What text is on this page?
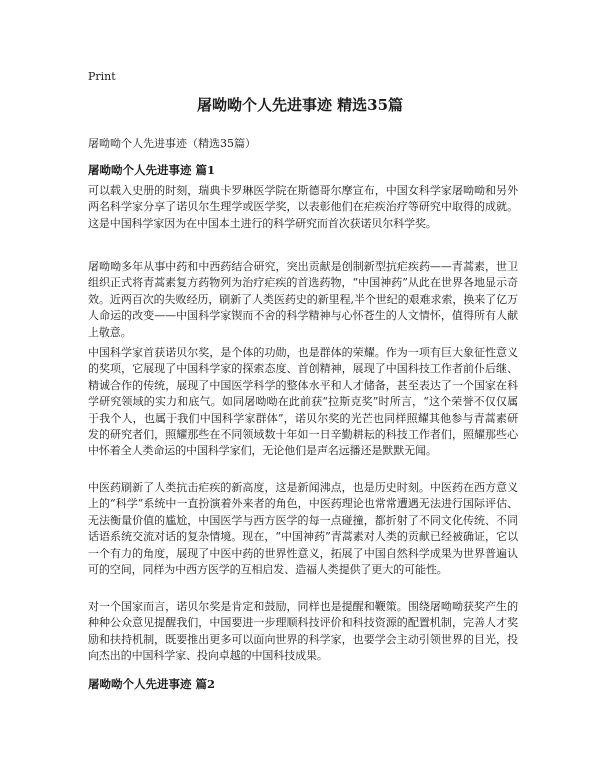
Print
屠呦呦个人先进事迹 精选35篇
屠呦呦个人先进事迹（精选35篇）
屠呦呦个人先进事迹 篇1
可以载入史册的时刻，瑞典卡罗琳医学院在斯德哥尔摩宣布，中国女科学家屠呦呦和另外两名科学家分享了诺贝尔生理学或医学奖，以表彰他们在疟疾治疗等研究中取得的成就。这是中国科学家因为在中国本土进行的科学研究而首次获诺贝尔科学奖。
屠呦呦多年从事中药和中西药结合研究，突出贡献是创制新型抗疟疾药——青蒿素，世卫组织正式将青蒿素复方药物列为治疗疟疾的首选药物，“中国神药”从此在世界各地显示奇效。近两百次的失败经历，刷新了人类医药史的新里程,半个世纪的艰难求索，换来了亿万人命运的改变——中国科学家锲而不舍的科学精神与心怀苍生的人文情怀，值得所有人献上敬意。
中国科学家首获诺贝尔奖，是个体的功勋，也是群体的荣耀。作为一项有巨大象征性意义的奖项，它展现了中国科学家的探索态度、首创精神，展现了中国科技工作者前仆后继、精诚合作的传统，展现了中国医学科学的整体水平和人才储备，甚至表达了一个国家在科学研究领域的实力和底气。如同屠呦呦在此前获“拉斯克奖”时所言，“这个荣誉不仅仅属于我个人，也属于我们中国科学家群体”，诺贝尔奖的光芒也同样照耀其他参与青蒿素研发的研究者们，照耀那些在不同领域数十年如一日辛勤耕耘的科技工作者们，照耀那些心中怀着全人类命运的中国科学家们，无论他们是声名远播还是默默无闻。
中医药刷新了人类抗击疟疾的新高度，这是新闻沸点，也是历史时刻。中医药在西方意义上的“科学”系统中一直扮演着外来者的角色，中医药理论也常常遭遇无法进行国际评估、无法衡量价值的尴尬，中国医学与西方医学的每一点碰撞，都折射了不同文化传统、不同话语系统交流对话的复杂情境。现在，“中国神药”青蒿素对人类的贡献已经被确证，它以一个有力的角度，展现了中医中药的世界性意义，拓展了中国自然科学成果为世界普遍认可的空间，同样为中西方医学的互相启发、造福人类提供了更大的可能性。
对一个国家而言，诺贝尔奖是肯定和鼓励，同样也是提醒和鞭策。围绕屠呦呦获奖产生的种种公众意见提醒我们，中国要进一步理顺科技评价和科技资源的配置机制，完善人才奖励和扶持机制，既要推出更多可以面向世界的科学家，也要学会主动引领世界的目光，投向杰出的中国科学家、投向卓越的中国科技成果。
屠呦呦个人先进事迹 篇2
